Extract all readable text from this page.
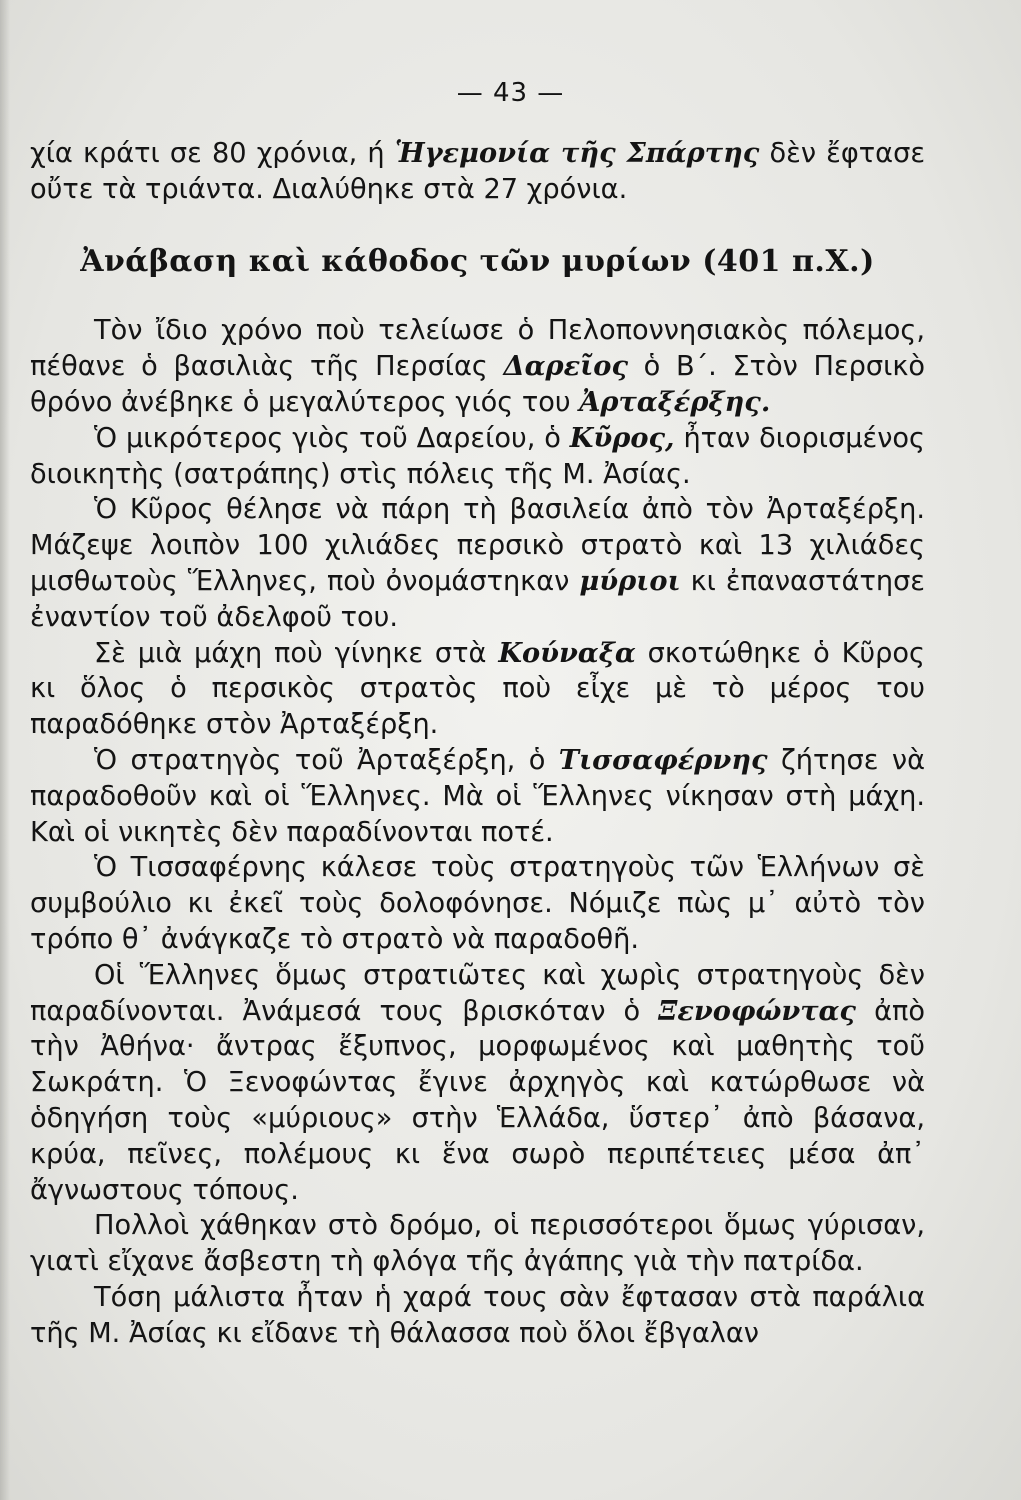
— 43 —

χία κράτι σε 80 χρόνια, ή Ἡγεμονία τῆς Σπάρτης δὲν ἔφτασε οὔτε τὰ τριάντα. Διαλύθηκε στὰ 27 χρόνια.

Ἀνάβαση καὶ κάθοδος τῶν μυρίων (401 π.Χ.)

Τὸν ἴδιο χρόνο ποὺ τελείωσε ὁ Πελοποννησιακὸς πόλεμος, πέθανε ὁ βασιλιὰς τῆς Περσίας Δαρεῖος ὁ Β΄. Στὸν Περσικὸ θρόνο ἀνέβηκε ὁ μεγαλύτερος γιός του Ἀρταξέρξης.

Ὁ μικρότερος γιὸς τοῦ Δαρείου, ὁ Κῦρος, ἦταν διορισμένος διοικητὴς (σατράπης) στὶς πόλεις τῆς Μ. Ἀσίας.

Ὁ Κῦρος θέλησε νὰ πάρη τὴ βασιλεία ἀπὸ τὸν Ἀρταξέρξη. Μάζεψε λοιπὸν 100 χιλιάδες περσικὸ στρατὸ καὶ 13 χιλιάδες μισθωτοὺς Ἕλληνες, ποὺ ὀνομάστηκαν μύριοι κι ἐπαναστάτησε ἐναντίον τοῦ ἀδελφοῦ του.

Σὲ μιὰ μάχη ποὺ γίνηκε στὰ Κούναξα σκοτώθηκε ὁ Κῦρος κι ὅλος ὁ περσικὸς στρατὸς ποὺ εἶχε μὲ τὸ μέρος του παραδόθηκε στὸν Ἀρταξέρξη.

Ὁ στρατηγὸς τοῦ Ἀρταξέρξη, ὁ Τισσαφέρνης ζήτησε νὰ παραδοθοῦν καὶ οἱ Ἕλληνες. Μὰ οἱ Ἕλληνες νίκησαν στὴ μάχη. Καὶ οἱ νικητὲς δὲν παραδίνονται ποτέ.

Ὁ Τισσαφέρνης κάλεσε τοὺς στρατηγοὺς τῶν Ἑλλήνων σὲ συμβούλιο κι ἐκεῖ τοὺς δολοφόνησε. Νόμιζε πὼς μ᾽ αὐτὸ τὸν τρόπο θ᾽ ἀνάγκαζε τὸ στρατὸ νὰ παραδοθῆ.

Οἱ Ἕλληνες ὅμως στρατιῶτες καὶ χωρὶς στρατηγοὺς δὲν παραδίνονται. Ἀνάμεσά τους βρισκόταν ὁ Ξενοφώντας ἀπὸ τὴν Ἀθήνα· ἄντρας ἔξυπνος, μορφωμένος καὶ μαθητὴς τοῦ Σωκράτη. Ὁ Ξενοφώντας ἔγινε ἀρχηγὸς καὶ κατώρθωσε νὰ ὁδηγήση τοὺς «μύριους» στὴν Ἑλλάδα, ὕστερ᾽ ἀπὸ βάσανα, κρύα, πεῖνες, πολέμους κι ἕνα σωρὸ περιπέτειες μέσα ἀπ᾽ ἄγνωστους τόπους.

Πολλοὶ χάθηκαν στὸ δρόμο, οἱ περισσότεροι ὅμως γύρισαν, γιατὶ εἴχανε ἄσβεστη τὴ φλόγα τῆς ἀγάπης γιὰ τὴν πατρίδα.

Τόση μάλιστα ἦταν ἡ χαρά τους σὰν ἔφτασαν στὰ παράλια τῆς Μ. Ἀσίας κι εἴδανε τὴ θάλασσα ποὺ ὅλοι ἔβγαλαν
